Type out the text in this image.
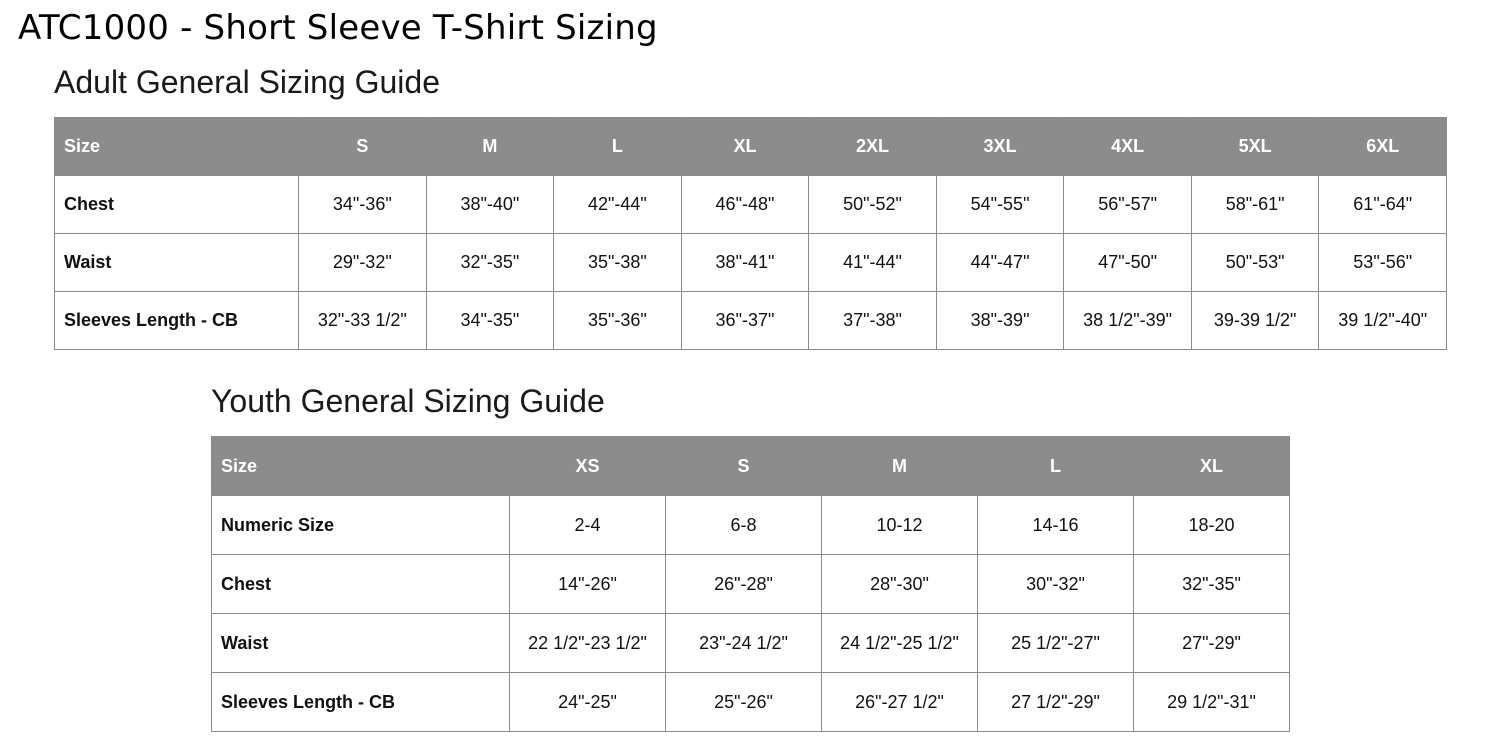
ATC1000 - Short Sleeve T-Shirt Sizing
Adult General Sizing Guide
Size	S	M	L	XL	2XL	3XL	4XL	5XL	6XL
Chest	34"-36"	38"-40"	42"-44"	46"-48"	50"-52"	54"-55"	56"-57"	58"-61"	61"-64"
Waist	29"-32"	32"-35"	35"-38"	38"-41"	41"-44"	44"-47"	47"-50"	50"-53"	53"-56"
Sleeves Length - CB	32"-33 1/2"	34"-35"	35"-36"	36"-37"	37"-38"	38"-39"	38 1/2"-39"	39-39 1/2"	39 1/2"-40"
Youth General Sizing Guide
Size	XS	S	M	L	XL
Numeric Size	2-4	6-8	10-12	14-16	18-20
Chest	14"-26"	26"-28"	28"-30"	30"-32"	32"-35"
Waist	22 1/2"-23 1/2"	23"-24 1/2"	24 1/2"-25 1/2"	25 1/2"-27"	27"-29"
Sleeves Length - CB	24"-25"	25"-26"	26"-27 1/2"	27 1/2"-29"	29 1/2"-31"
